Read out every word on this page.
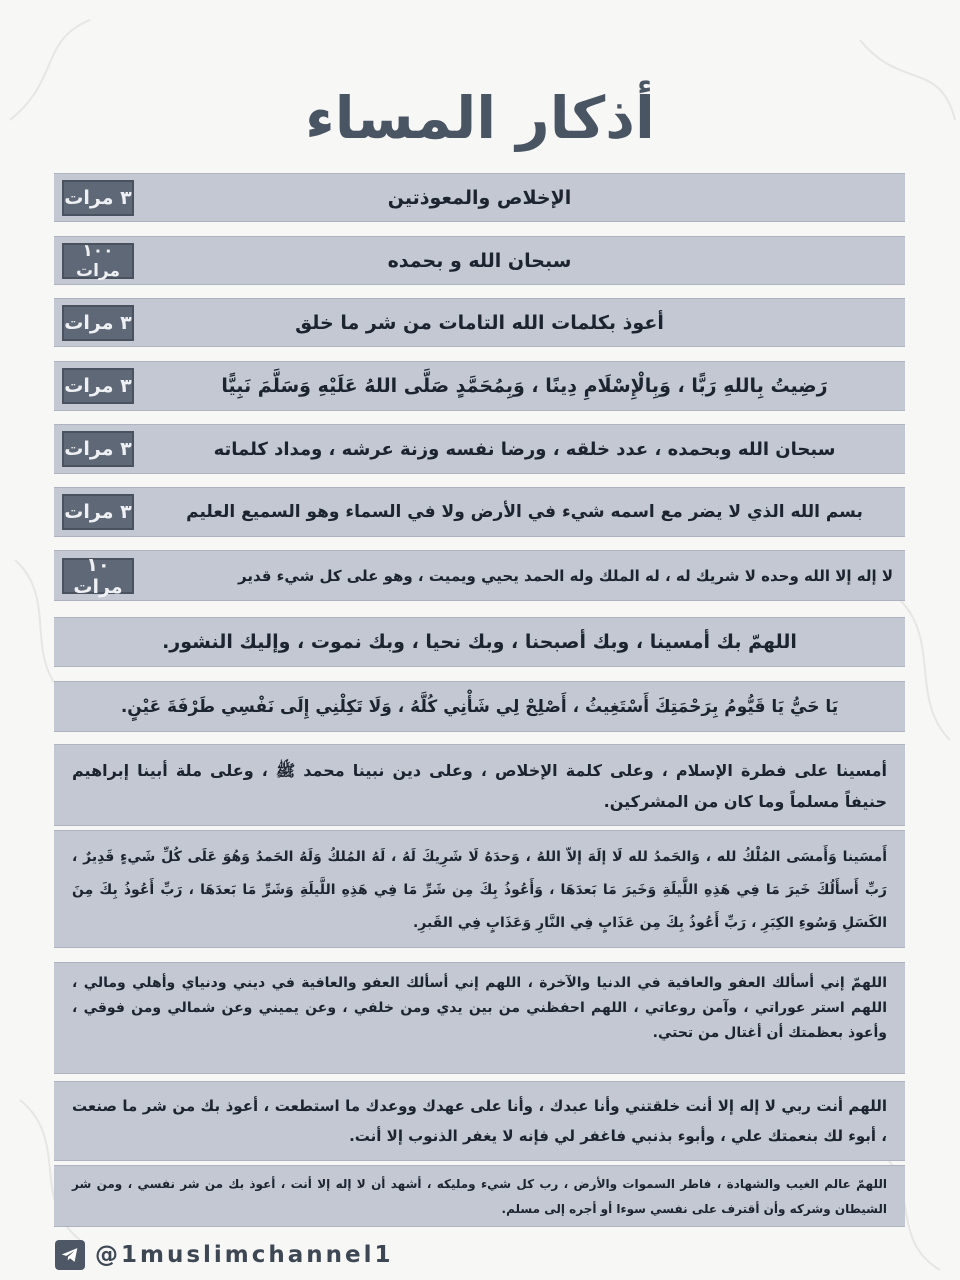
أذكار المساء
الإخلاص والمعوذتين
٣ مرات
سبحان الله و بحمده
١٠٠ مرات
أعوذ بكلمات الله التامات من شر ما خلق
٣ مرات
رَضِيتُ بِاللهِ رَبًّا ، وَبِالْإِسْلَامِ دِينًا ، وَبِمُحَمَّدٍ صَلَّى اللهُ عَلَيْهِ وَسَلَّمَ نَبِيًّا
٣ مرات
سبحان الله وبحمده ، عدد خلقه ، ورضا نفسه وزنة عرشه ، ومداد كلماته
٣ مرات
بسم الله الذي لا يضر مع اسمه شيء في الأرض ولا في السماء وهو السميع العليم
٣ مرات
لا إله إلا الله وحده لا شريك له ، له الملك وله الحمد يحيي ويميت ، وهو على كل شيء قدير
١٠ مرات
اللهمّ بك أمسينا ، وبك أصبحنا ، وبك نحيا ، وبك نموت ، وإليك النشور.
يَا حَيُّ يَا قَيُّومُ بِرَحْمَتِكَ أَسْتَغِيثُ ، أَصْلِحْ لِي شَأْنِي كُلَّهُ ، وَلَا تَكِلْنِي إِلَى نَفْسِي طَرْفَةَ عَيْنٍ.
أمسينا على فطرة الإسلام ، وعلى كلمة الإخلاص ، وعلى دين نبينا محمد ﷺ ، وعلى ملة أبينا إبراهيم حنيفاً مسلماً وما كان من المشركين.
أَمسَينا وَأَمسَى المُلْكُ لله ، وَالحَمدُ لله لَا إلَهَ إلاّ اللهُ ، وَحدَهُ لَا شَرِيكَ لَهُ ، لَهُ المُلكُ وَلَهُ الحَمدُ وَهُوَ عَلَى كُلِّ شَيءٍ قَدِيرٌ ، رَبِّ أَسأَلُكَ خَيرَ مَا فِي هَذِهِ اللَّيلَةِ وَخَيرَ مَا بَعدَهَا ، وَأَعُوذُ بِكَ مِن شَرِّ مَا فِي هَذِهِ اللَّيلَةِ وَشَرِّ مَا بَعدَهَا ، رَبِّ أَعُوذُ بِكَ مِنَ الكَسَلِ وَسُوءِ الكِبَرِ ، رَبِّ أَعُوذُ بِكَ مِن عَذَابٍ فِي النَّارِ وَعَذَابٍ فِي القَبرِ.
اللهمّ إني أسألك العفو والعافية في الدنيا والآخرة ، اللهم إني أسألك العفو والعافية في ديني ودنياي وأهلي ومالي ، اللهم استر عوراتي ، وآمن روعاتي ، اللهم احفظني من بين يدي ومن خلفي ، وعن يميني وعن شمالي ومن فوقي ، وأعوذ بعظمتك أن أغتال من تحتي.
اللهم أنت ربي لا إله إلا أنت خلقتني وأنا عبدك ، وأنا على عهدك ووعدك ما استطعت ، أعوذ بك من شر ما صنعت ، أبوء لك بنعمتك علي ، وأبوء بذنبي فاغفر لي فإنه لا يغفر الذنوب إلا أنت.
اللهمّ عالم الغيب والشهادة ، فاطر السموات والأرض ، رب كل شيء ومليكه ، أشهد أن لا إله إلا أنت ، أعوذ بك من شر نفسي ، ومن شر الشيطان وشركه وأن أقترف على نفسي سوءا أو أجره إلى مسلم.
@1muslimchannel1
